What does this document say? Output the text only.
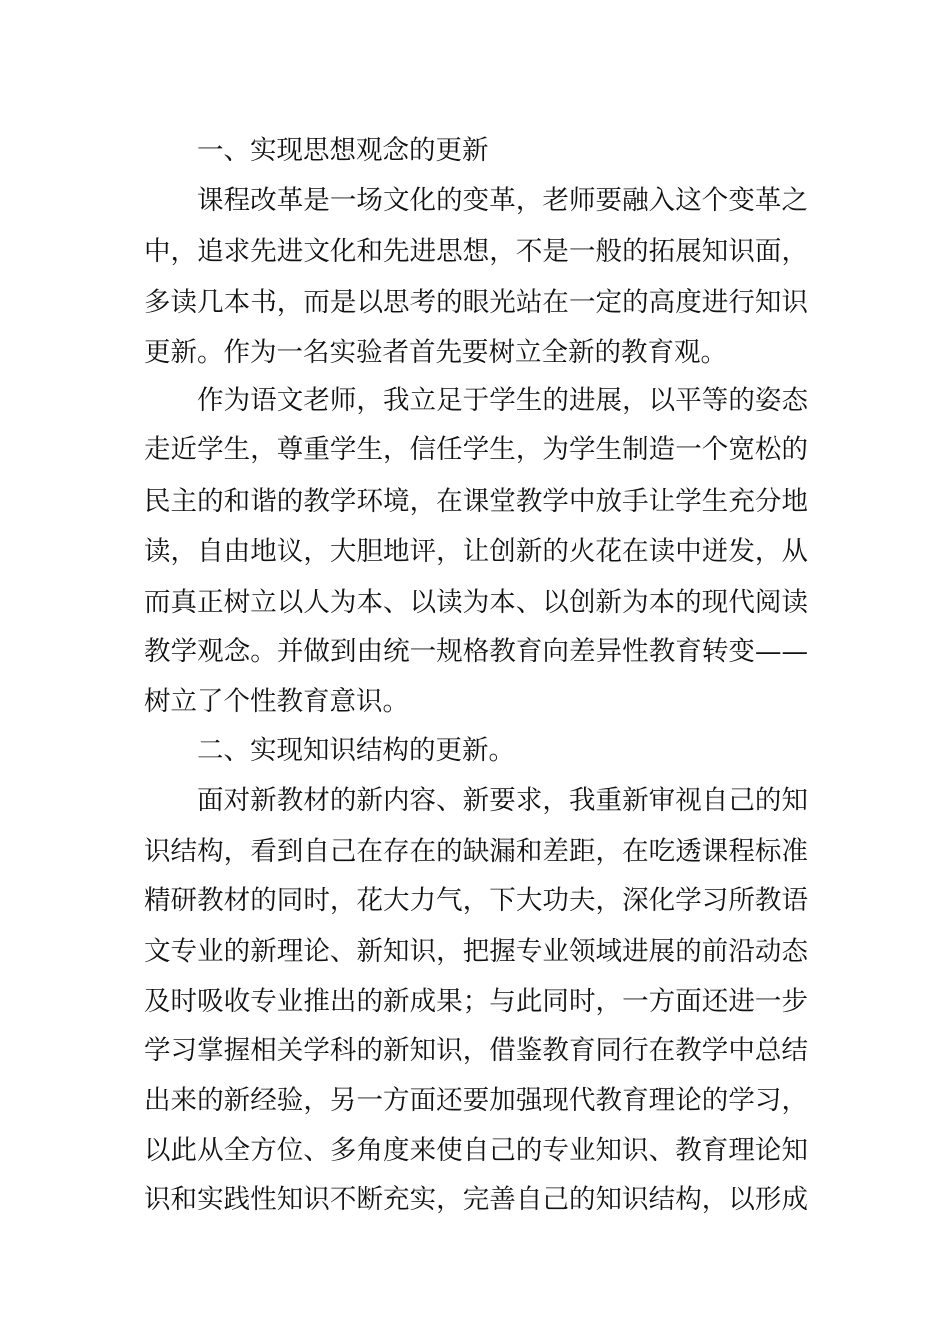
一、实现思想观念的更新
课程改革是一场文化的变革，老师要融入这个变革之
中，追求先进文化和先进思想，不是一般的拓展知识面，
多读几本书，而是以思考的眼光站在一定的高度进行知识
更新。作为一名实验者首先要树立全新的教育观。
作为语文老师，我立足于学生的进展，以平等的姿态
走近学生，尊重学生，信任学生，为学生制造一个宽松的
民主的和谐的教学环境，在课堂教学中放手让学生充分地
读，自由地议，大胆地评，让创新的火花在读中迸发，从
而真正树立以人为本、以读为本、以创新为本的现代阅读
教学观念。并做到由统一规格教育向差异性教育转变——
树立了个性教育意识。
二、实现知识结构的更新。
面对新教材的新内容、新要求，我重新审视自己的知
识结构，看到自己在存在的缺漏和差距，在吃透课程标准
精研教材的同时，花大力气，下大功夫，深化学习所教语
文专业的新理论、新知识，把握专业领域进展的前沿动态
及时吸收专业推出的新成果；与此同时，一方面还进一步
学习掌握相关学科的新知识，借鉴教育同行在教学中总结
出来的新经验，另一方面还要加强现代教育理论的学习，
以此从全方位、多角度来使自己的专业知识、教育理论知
识和实践性知识不断充实，完善自己的知识结构，以形成
